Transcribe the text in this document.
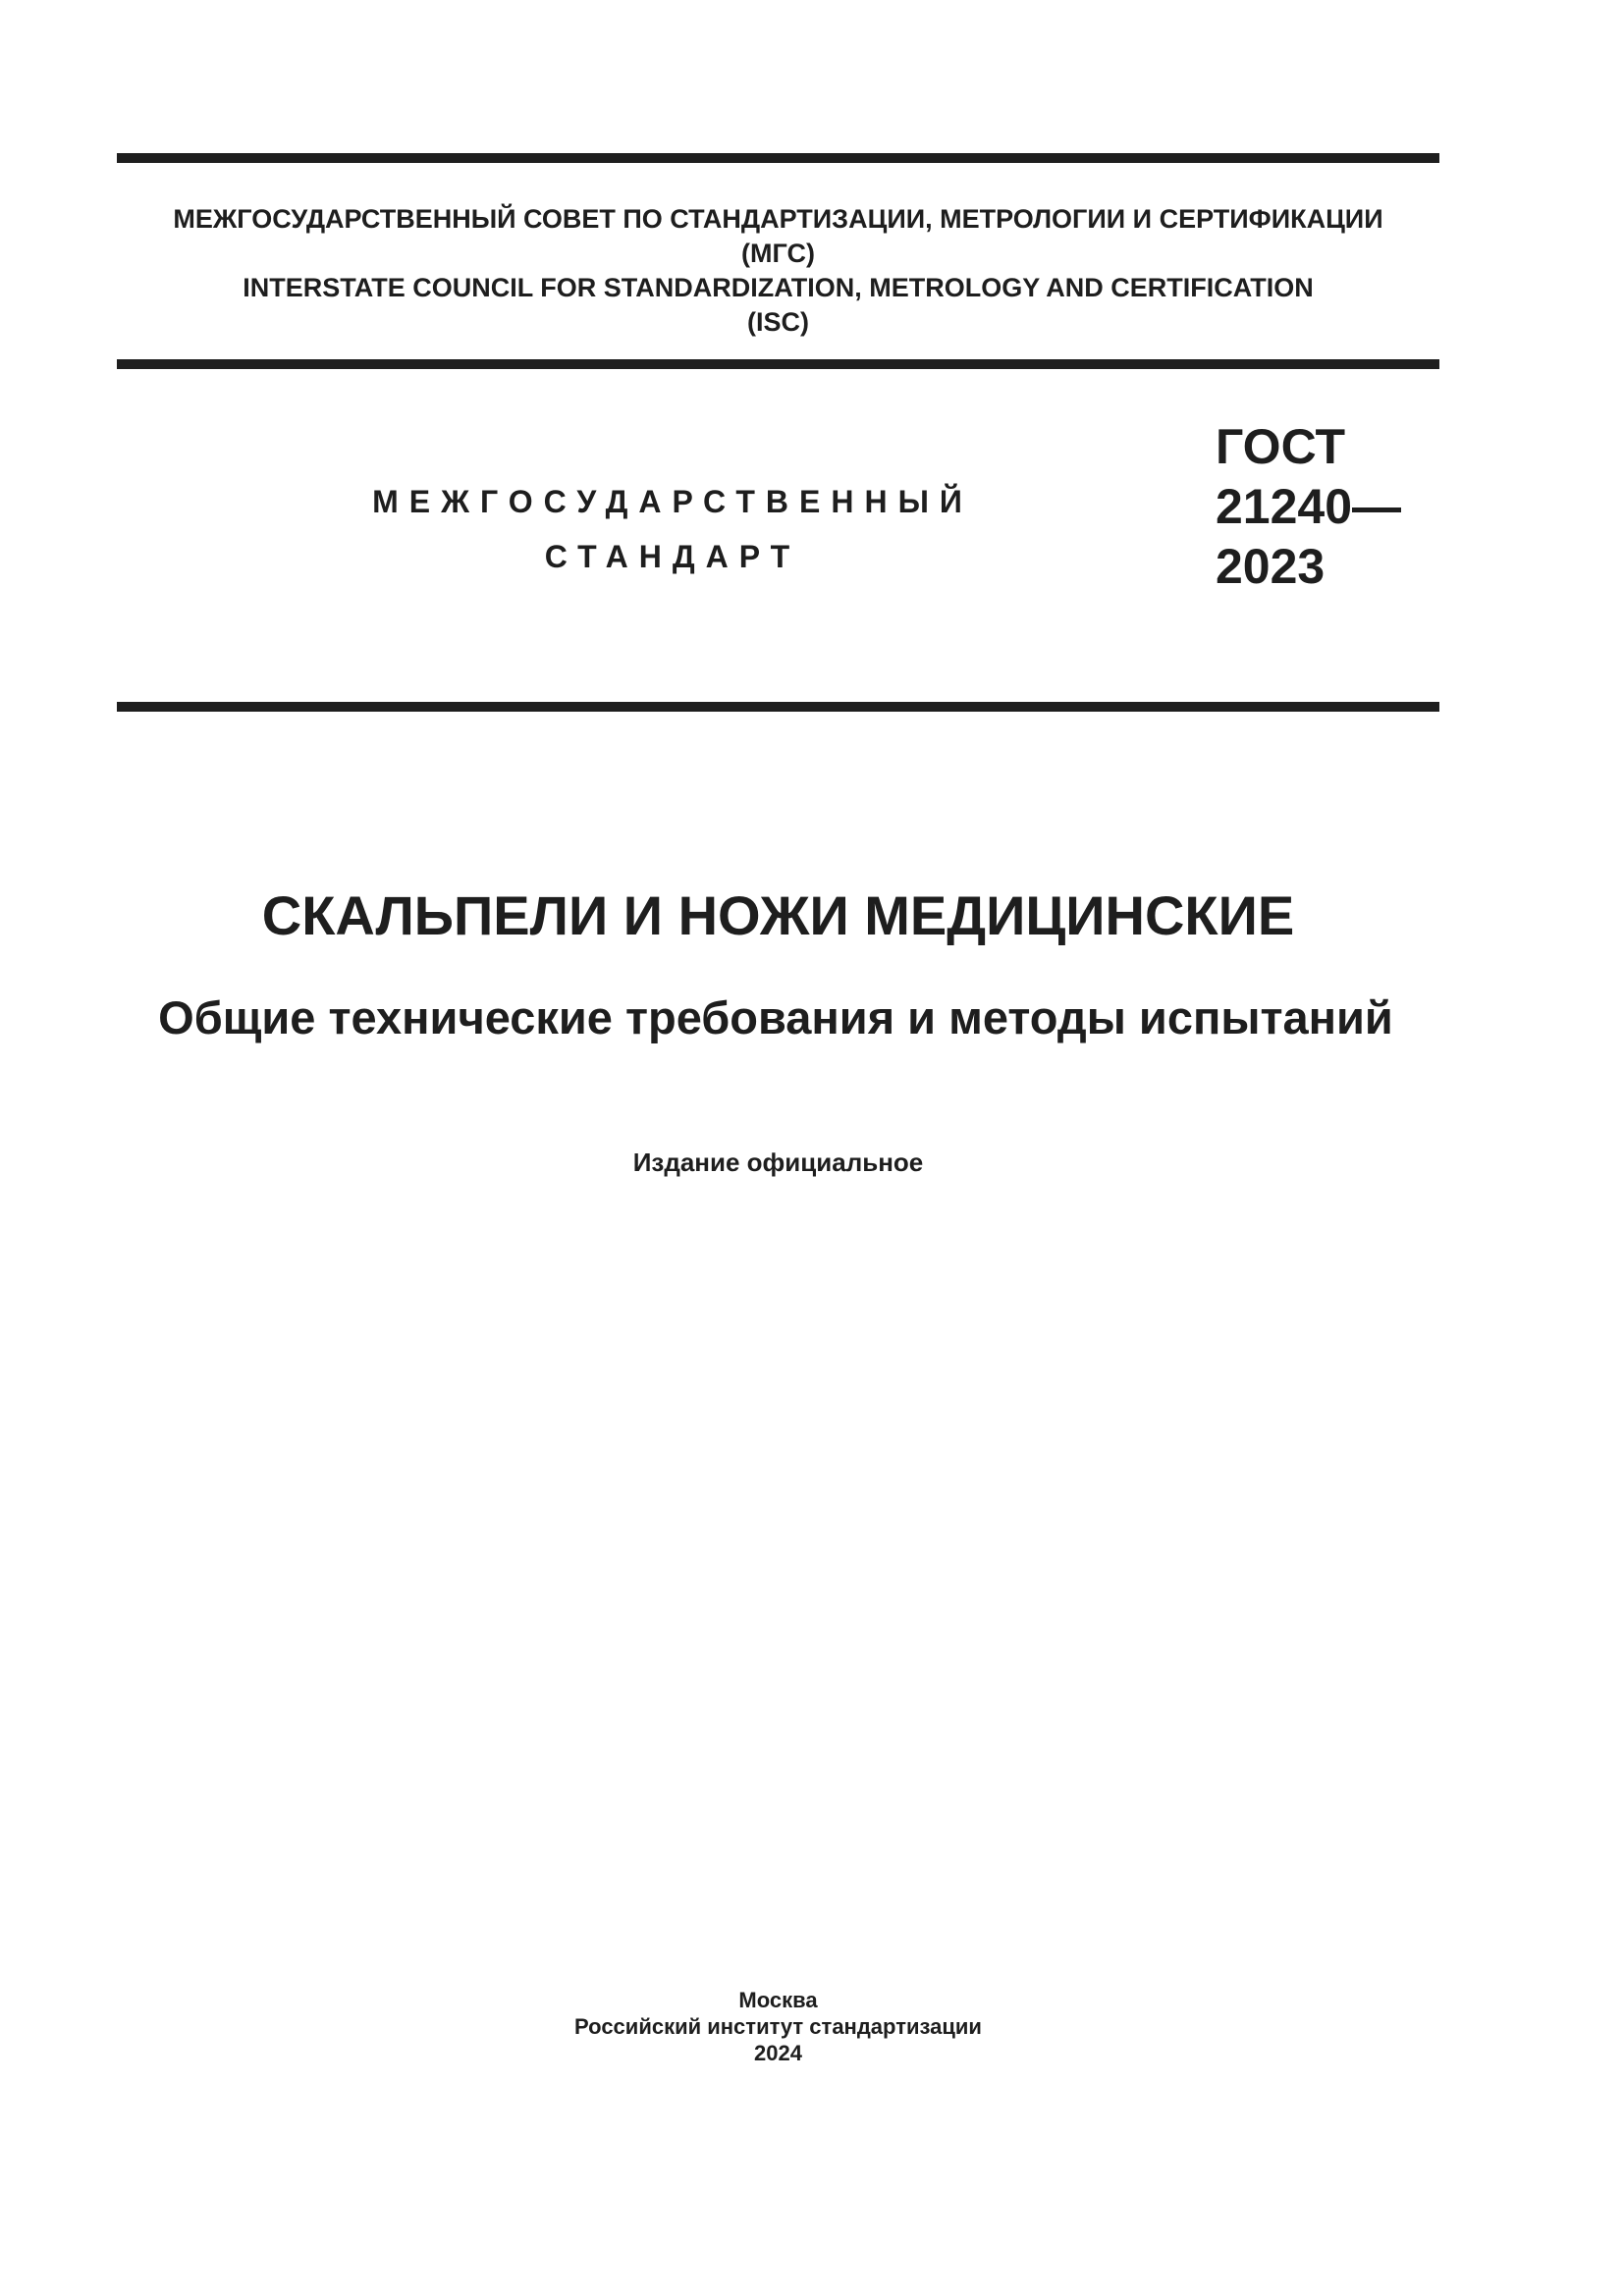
МЕЖГОСУДАРСТВЕННЫЙ СОВЕТ ПО СТАНДАРТИЗАЦИИ, МЕТРОЛОГИИ И СЕРТИФИКАЦИИ
(МГС)
INTERSTATE COUNCIL FOR STANDARDIZATION, METROLOGY AND CERTIFICATION
(ISC)
МЕЖГОСУДАРСТВЕННЫЙ
СТАНДАРТ
ГОСТ
21240—
2023
СКАЛЬПЕЛИ И НОЖИ МЕДИЦИНСКИЕ
Общие технические требования и методы испытаний
Издание официальное
Москва
Российский институт стандартизации
2024
